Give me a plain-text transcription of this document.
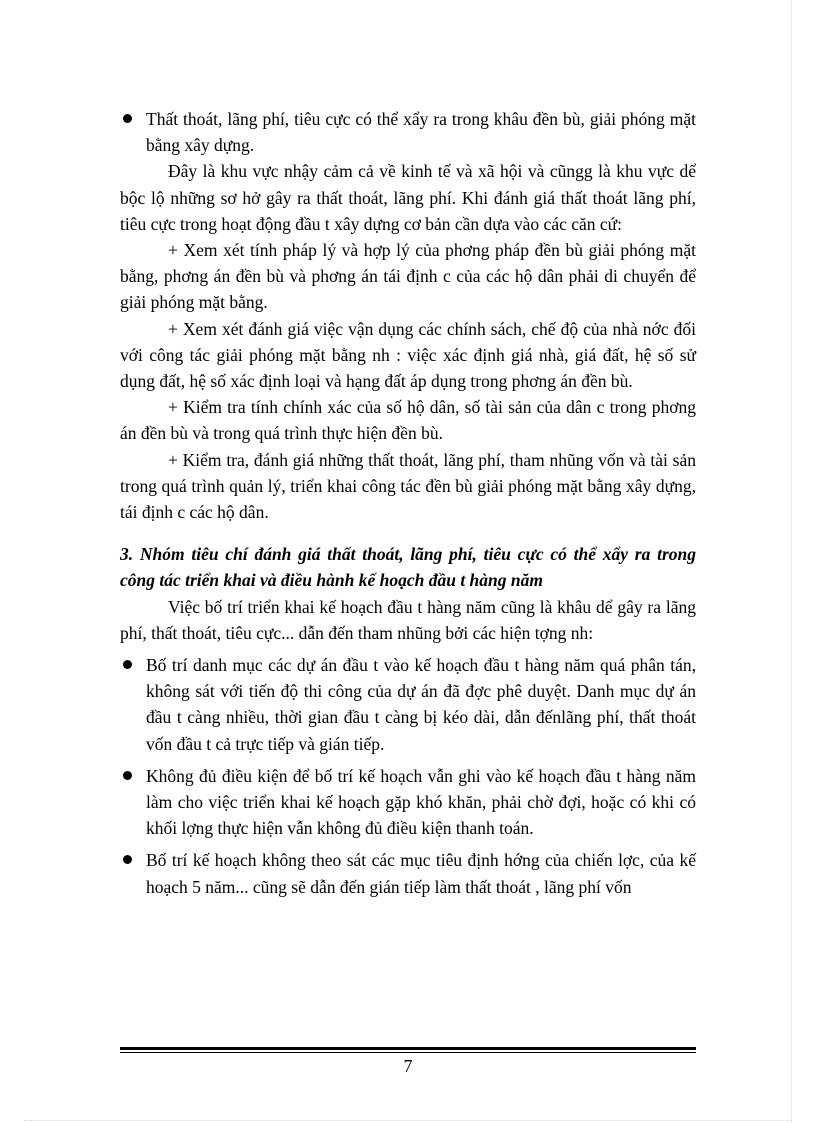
Thất thoát, lãng phí, tiêu cực có thể xẩy ra trong khâu đền bù, giải phóng mặt bằng xây dựng.

Đây là khu vực nhậy cảm cả về kinh tế và xã hội và cũngg là khu vực dể bộc lộ những sơ hở gây ra thất thoát, lãng phí. Khi đánh giá thất thoát lãng phí, tiêu cực trong hoạt động đầu t xây dựng cơ bản cần dựa vào các căn cứ:

+ Xem xét tính pháp lý và hợp lý của phơng pháp đền bù giải phóng mặt bằng, phơng án đền bù và phơng án tái định c của các hộ dân phải di chuyển để giải phóng mặt bằng.

+ Xem xét đánh giá việc vận dụng các chính sách, chế độ của nhà nớc đối với công tác giải phóng mặt bằng nh : việc xác định giá nhà, giá đất, hệ số sử dụng đất, hệ số xác định loại và hạng đất áp dụng trong phơng án đền bù.

+ Kiểm tra tính chính xác của số hộ dân, số tài sản của dân c trong phơng án đền bù và trong quá trình thực hiện đền bù.

+ Kiểm tra, đánh giá những thất thoát, lãng phí, tham nhũng vốn và tài sản trong quá trình quản lý, triển khai công tác đền bù giải phóng mặt bằng xây dựng, tái định c các hộ dân.

3. Nhóm tiêu chí đánh giá thất thoát, lãng phí, tiêu cực có thể xẩy ra trong công tác triển khai và điều hành kế hoạch đầu t hàng năm

Việc bố trí triển khai kế hoạch đầu t hàng năm cũng là khâu dể gây ra lãng phí, thất thoát, tiêu cực... dẫn đến tham nhũng bởi các hiện tợng nh:

Bố trí danh mục các dự án đầu t vào kế hoạch đầu t hàng năm quá phân tán, không sát với tiến độ thi công của dự án đã đợc phê duyệt. Danh mục dự án đầu t càng nhiều, thời gian đầu t càng bị kéo dài, dẫn đếnlãng phí, thất thoát vốn đầu t cả trực tiếp và gián tiếp.
Không đủ điều kiện để bố trí kế hoạch vẫn ghi vào kế hoạch đầu t hàng năm làm cho việc triển khai kế hoạch gặp khó khăn, phải chờ đợi, hoặc có khi có khối lợng thực hiện vẫn không đủ điều kiện thanh toán.
Bố trí kế hoạch không theo sát các mục tiêu định hớng của chiến lợc, của kế hoạch 5 năm... cũng sẽ dẫn đến gián tiếp làm thất thoát , lãng phí vốn
7
